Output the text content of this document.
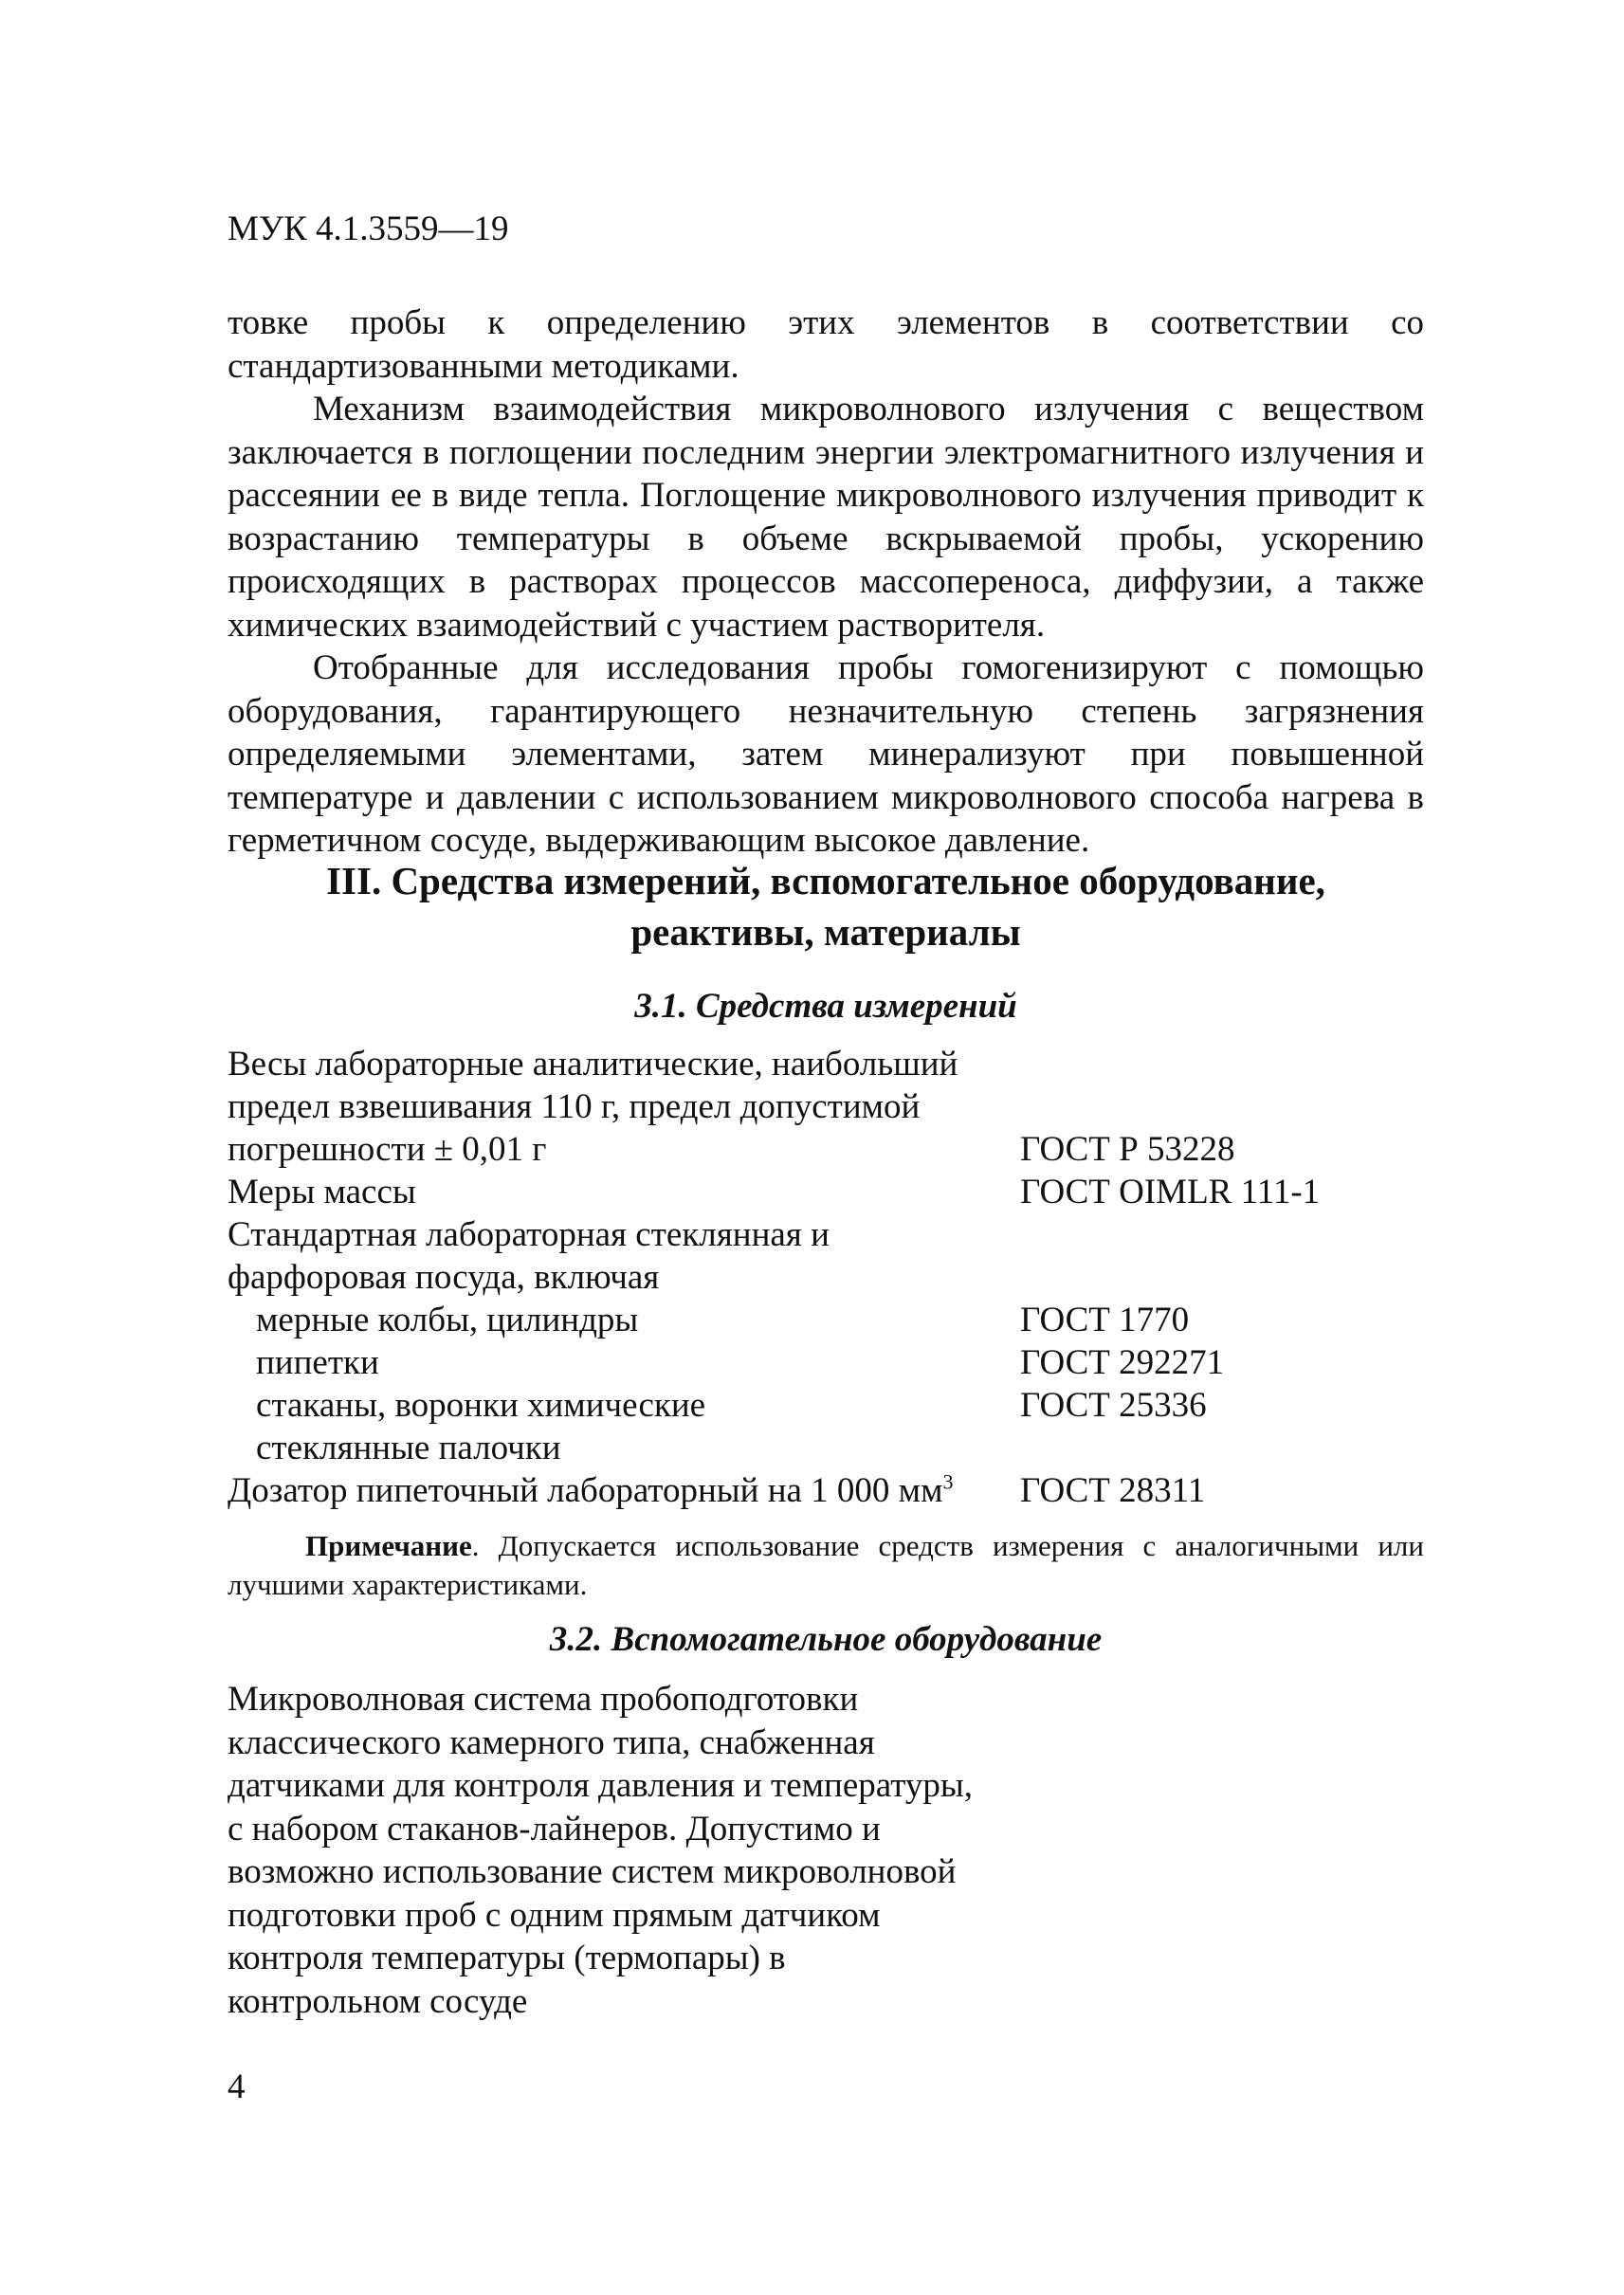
МУК 4.1.3559—19

товке пробы к определению этих элементов в соответствии со стандартизованными методиками.

Механизм взаимодействия микроволнового излучения с веществом заключается в поглощении последним энергии электромагнитного излучения и рассеянии ее в виде тепла. Поглощение микроволнового излучения приводит к возрастанию температуры в объеме вскрываемой пробы, ускорению происходящих в растворах процессов массопереноса, диффузии, а также химических взаимодействий с участием растворителя.

Отобранные для исследования пробы гомогенизируют с помощью оборудования, гарантирующего незначительную степень загрязнения определяемыми элементами, затем минерализуют при повышенной температуре и давлении с использованием микроволнового способа нагрева в герметичном сосуде, выдерживающим высокое давление.

III. Средства измерений, вспомогательное оборудование,
реактивы, материалы
3.1. Средства измерений
Весы лабораторные аналитические, наибольший	
предел взвешивания 110 г, предел допустимой	
погрешности ± 0,01 г	ГОСТ Р 53228
Меры массы	ГОСТ OIMLR 111-1
Стандартная лабораторная стеклянная и	
фарфоровая посуда, включая	
мерные колбы, цилиндры	ГОСТ 1770
пипетки	ГОСТ 292271
стаканы, воронки химические	ГОСТ 25336
стеклянные палочки	
Дозатор пипеточный лабораторный на 1 000 $мм^3$	ГОСТ 28311

Примечание. Допускается использование средств измерения с аналогичными или лучшими характеристиками.

3.2. Вспомогательное оборудование

Микроволновая система пробоподготовки классического камерного типа, снабженная датчиками для контроля давления и температуры, с набором стаканов-лайнеров. Допустимо и возможно использование систем микроволновой подготовки проб с одним прямым датчиком контроля температуры (термопары) в контрольном сосуде

4
